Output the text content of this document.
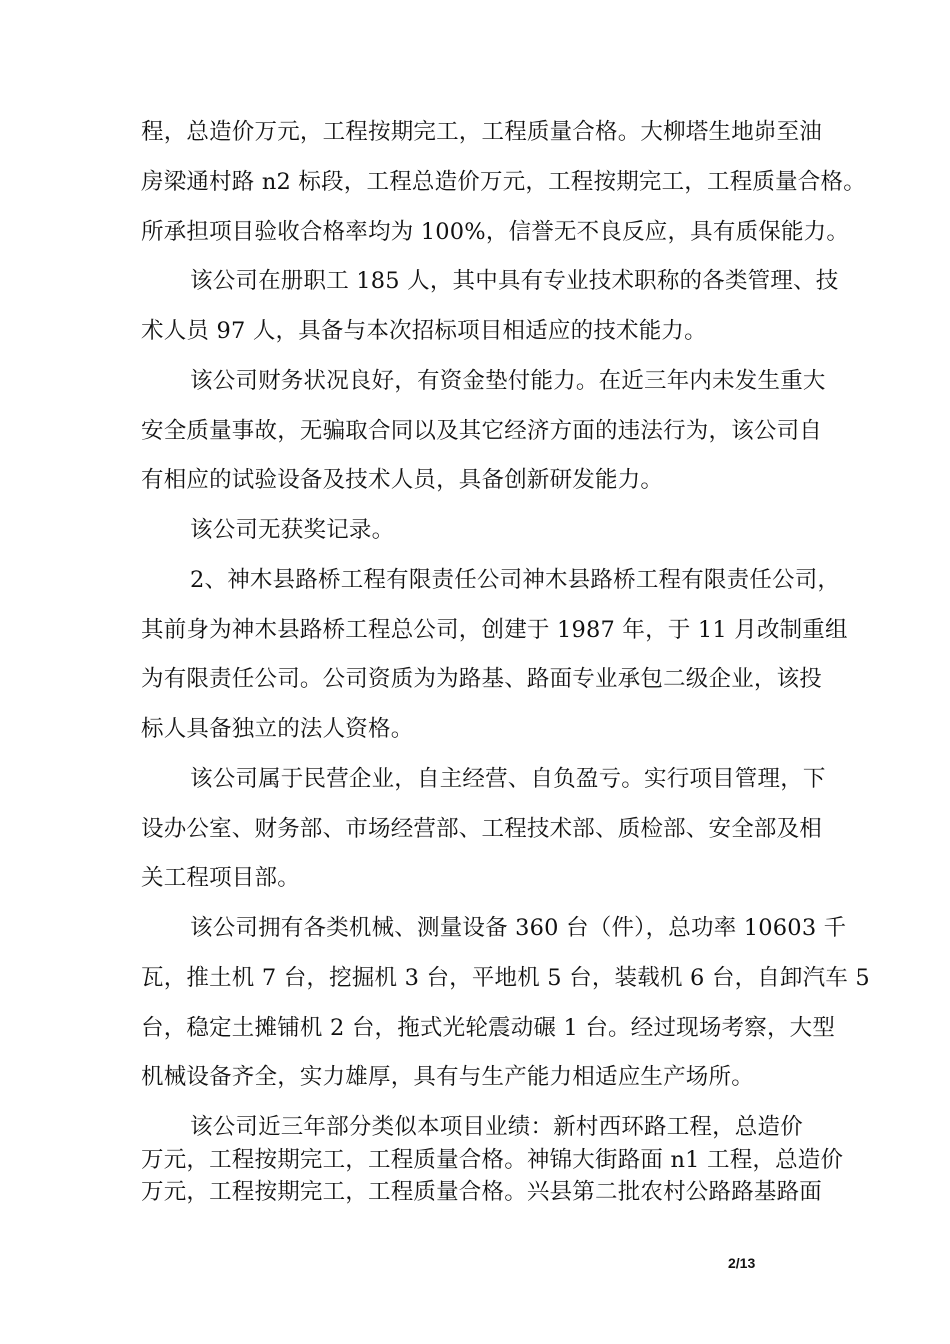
程，总造价万元，工程按期完工，工程质量合格。大柳塔生地峁至油
房梁通村路 n2 标段，工程总造价万元，工程按期完工，工程质量合格。
所承担项目验收合格率均为 100%，信誉无不良反应，具有质保能力。
该公司在册职工 185 人，其中具有专业技术职称的各类管理、技
术人员 97 人，具备与本次招标项目相适应的技术能力。
该公司财务状况良好，有资金垫付能力。在近三年内未发生重大
安全质量事故，无骗取合同以及其它经济方面的违法行为，该公司自
有相应的试验设备及技术人员，具备创新研发能力。
该公司无获奖记录。
2、神木县路桥工程有限责任公司神木县路桥工程有限责任公司，
其前身为神木县路桥工程总公司，创建于 1987 年，于 11 月改制重组
为有限责任公司。公司资质为为路基、路面专业承包二级企业，该投
标人具备独立的法人资格。
该公司属于民营企业，自主经营、自负盈亏。实行项目管理，下
设办公室、财务部、市场经营部、工程技术部、质检部、安全部及相
关工程项目部。
该公司拥有各类机械、测量设备 360 台（件），总功率 10603 千
瓦，推土机 7 台，挖掘机 3 台，平地机 5 台，装载机 6 台，自卸汽车 5
台，稳定土摊铺机 2 台，拖式光轮震动碾 1 台。经过现场考察，大型
机械设备齐全，实力雄厚，具有与生产能力相适应生产场所。
该公司近三年部分类似本项目业绩：新村西环路工程，总造价
万元，工程按期完工，工程质量合格。神锦大街路面 n1 工程，总造价
万元，工程按期完工，工程质量合格。兴县第二批农村公路路基路面
2/13
